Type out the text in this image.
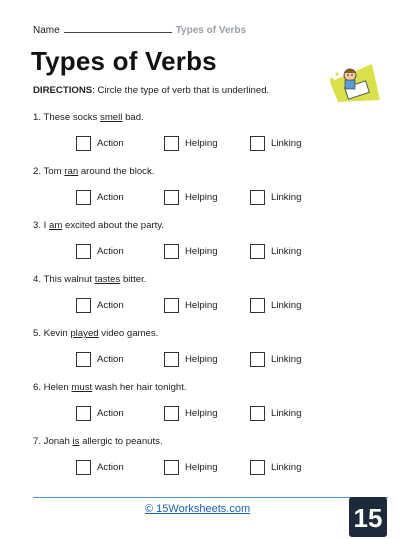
Name	Types of Verbs
Types of Verbs
DIRECTIONS: Circle the type of verb that is underlined.
1. These socks smell bad.
Action	Helping	Linking
2. Tom ran around the block.
Action	Helping	Linking
3. I am excited about the party.
Action	Helping	Linking
4. This walnut tastes bitter.
Action	Helping	Linking
5. Kevin played video games.
Action	Helping	Linking
6. Helen must wash her hair tonight.
Action	Helping	Linking
7. Jonah is allergic to peanuts.
Action	Helping	Linking
© 15Worksheets.com	15
